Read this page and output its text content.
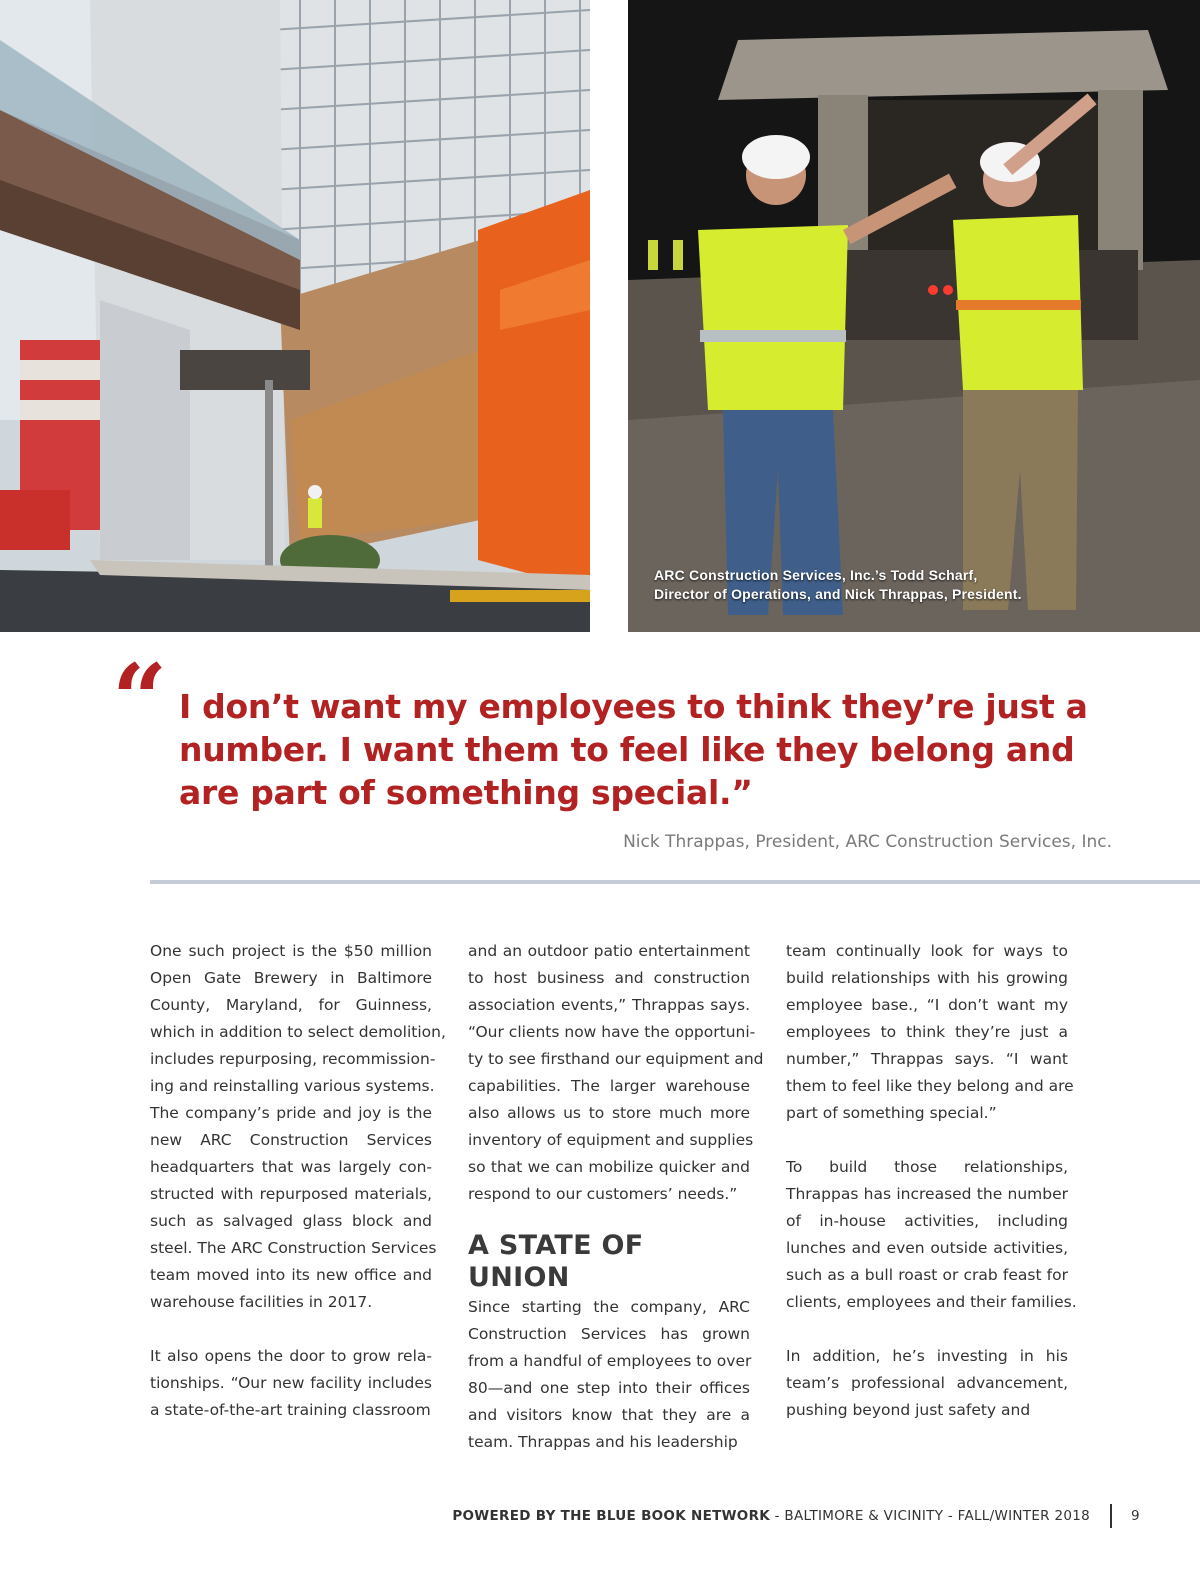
ARC Construction Services, Inc.’s Todd Scharf,
Director of Operations, and Nick Thrappas, President.

“ I don’t want my employees to think they’re just a
number. I want them to feel like they belong and
are part of something special.”

Nick Thrappas, President, ARC Construction Services, Inc.

One such project is the $50 million
Open Gate Brewery in Baltimore
County, Maryland, for Guinness,
which in addition to select demolition,
includes repurposing, recommission-
ing and reinstalling various systems.
The company’s pride and joy is the
new ARC Construction Services
headquarters that was largely con-
structed with repurposed materials,
such as salvaged glass block and
steel. The ARC Construction Services
team moved into its new office and
warehouse facilities in 2017.

It also opens the door to grow rela-
tionships. “Our new facility includes
a state-of-the-art training classroom

and an outdoor patio entertainment
to host business and construction
association events,” Thrappas says.
“Our clients now have the opportuni-
ty to see firsthand our equipment and
capabilities. The larger warehouse
also allows us to store much more
inventory of equipment and supplies
so that we can mobilize quicker and
respond to our customers’ needs.”

A STATE OF UNION

Since starting the company, ARC
Construction Services has grown
from a handful of employees to over
80—and one step into their offices
and visitors know that they are a
team. Thrappas and his leadership

team continually look for ways to
build relationships with his growing
employee base., “I don’t want my
employees to think they’re just a
number,” Thrappas says. “I want
them to feel like they belong and are
part of something special.”

To build those relationships,
Thrappas has increased the number
of in-house activities, including
lunches and even outside activities,
such as a bull roast or crab feast for
clients, employees and their families.

In addition, he’s investing in his
team’s professional advancement,
pushing beyond just safety and

POWERED BY THE BLUE BOOK NETWORK - BALTIMORE & VICINITY - FALL/WINTER 2018	9
